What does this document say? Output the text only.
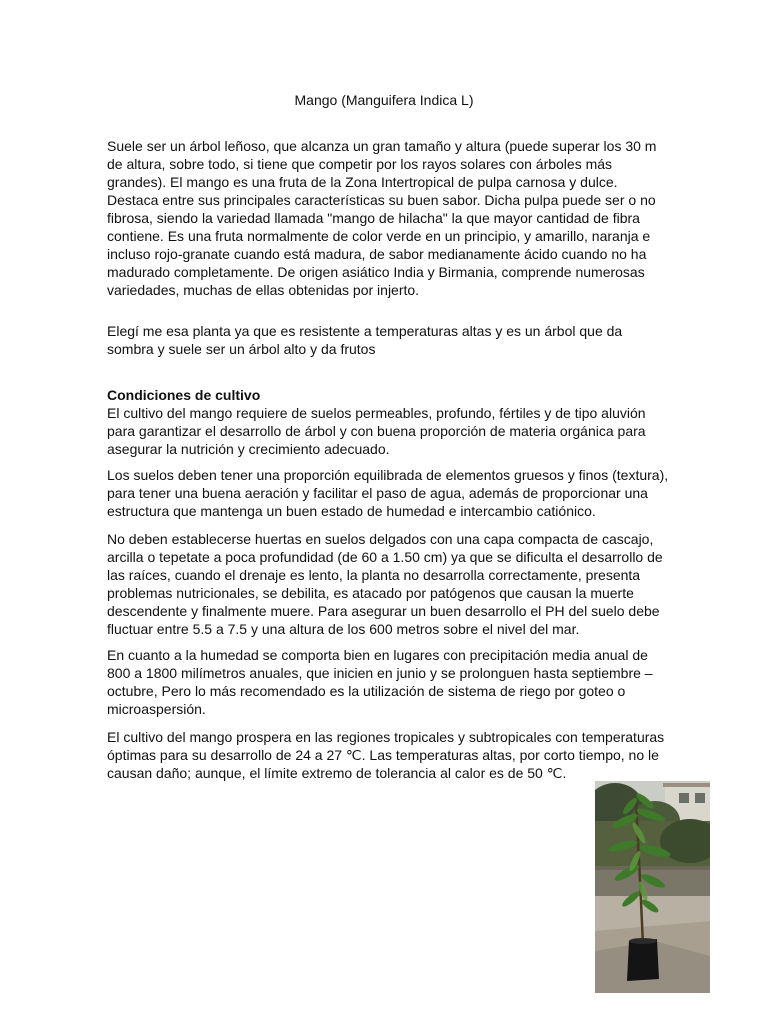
Mango (Manguifera Indica L)

Suele ser un árbol leñoso, que alcanza un gran tamaño y altura (puede superar los 30 m
de altura, sobre todo, si tiene que competir por los rayos solares con árboles más
grandes). El mango es una fruta de la Zona Intertropical de pulpa carnosa y dulce.
Destaca entre sus principales características su buen sabor. Dicha pulpa puede ser o no
fibrosa, siendo la variedad llamada "mango de hilacha" la que mayor cantidad de fibra
contiene. Es una fruta normalmente de color verde en un principio, y amarillo, naranja e
incluso rojo-granate cuando está madura, de sabor medianamente ácido cuando no ha
madurado completamente. De origen asiático India y Birmania, comprende numerosas
variedades, muchas de ellas obtenidas por injerto.

Elegí me esa planta ya que es resistente a temperaturas altas y es un árbol que da
sombra y suele ser un árbol alto y da frutos

Condiciones de cultivo
El cultivo del mango requiere de suelos permeables, profundo, fértiles y de tipo aluvión
para garantizar el desarrollo de árbol y con buena proporción de materia orgánica para
asegurar la nutrición y crecimiento adecuado.

Los suelos deben tener una proporción equilibrada de elementos gruesos y finos (textura),
para tener una buena aeración y facilitar el paso de agua, además de proporcionar una
estructura que mantenga un buen estado de humedad e intercambio catiónico.

No deben establecerse huertas en suelos delgados con una capa compacta de cascajo,
arcilla o tepetate a poca profundidad (de 60 a 1.50 cm) ya que se dificulta el desarrollo de
las raíces, cuando el drenaje es lento, la planta no desarrolla correctamente, presenta
problemas nutricionales, se debilita, es atacado por patógenos que causan la muerte
descendente y finalmente muere. Para asegurar un buen desarrollo el PH del suelo debe
fluctuar entre 5.5 a 7.5 y una altura de los 600 metros sobre el nivel del mar.

En cuanto a la humedad se comporta bien en lugares con precipitación media anual de
800 a 1800 milímetros anuales, que inicien en junio y se prolonguen hasta septiembre –
octubre, Pero lo más recomendado es la utilización de sistema de riego por goteo o
microaspersión.

El cultivo del mango prospera en las regiones tropicales y subtropicales con temperaturas
óptimas para su desarrollo de 24 a 27 ℃. Las temperaturas altas, por corto tiempo, no le
causan daño; aunque, el límite extremo de tolerancia al calor es de 50 ℃.
